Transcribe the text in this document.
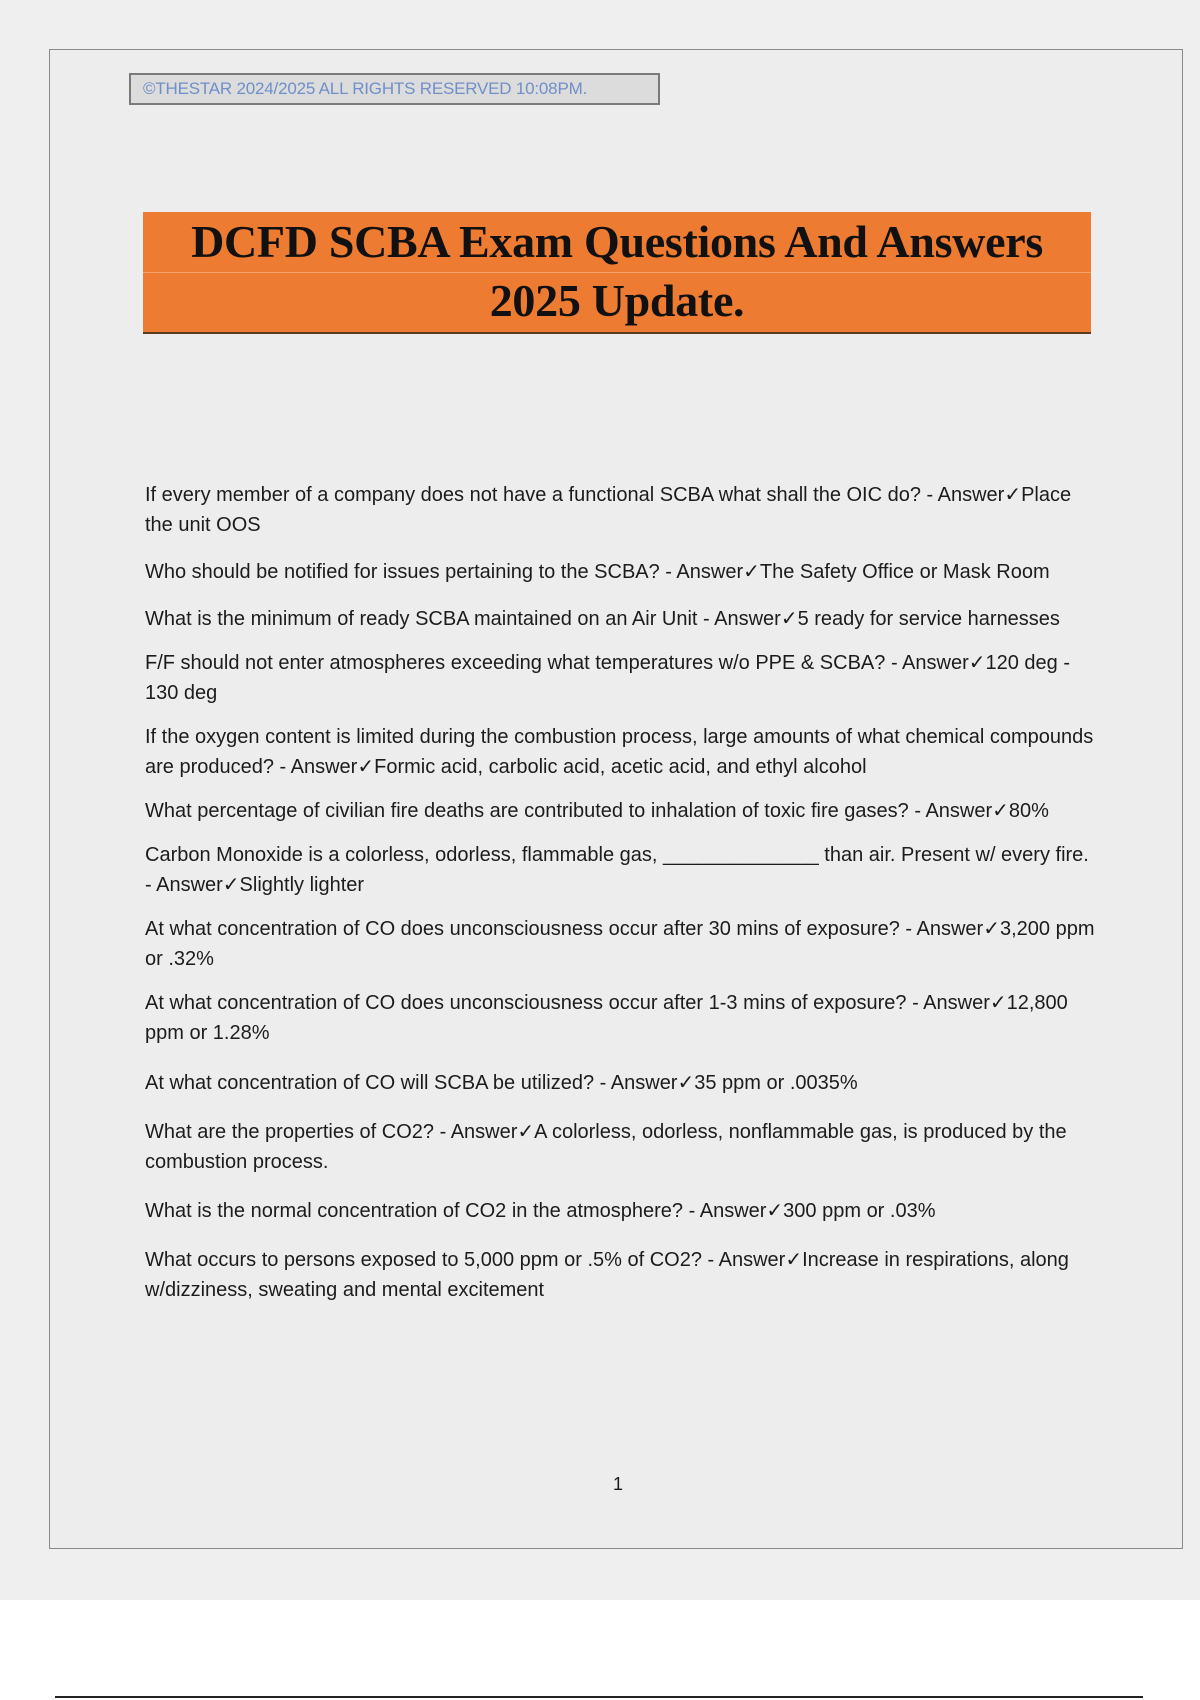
©THESTAR 2024/2025 ALL RIGHTS RESERVED 10:08PM.
DCFD SCBA Exam Questions And Answers
2025 Update.
If every member of a company does not have a functional SCBA what shall the OIC do? - Answer✓Place the unit OOS
Who should be notified for issues pertaining to the SCBA? - Answer✓The Safety Office or Mask Room
What is the minimum of ready SCBA maintained on an Air Unit - Answer✓5 ready for service harnesses
F/F should not enter atmospheres exceeding what temperatures w/o PPE & SCBA? - Answer✓120 deg - 130 deg
If the oxygen content is limited during the combustion process, large amounts of what chemical compounds are produced? - Answer✓Formic acid, carbolic acid, acetic acid, and ethyl alcohol
What percentage of civilian fire deaths are contributed to inhalation of toxic fire gases? - Answer✓80%
Carbon Monoxide is a colorless, odorless, flammable gas, ______________ than air. Present w/ every fire. - Answer✓Slightly lighter
At what concentration of CO does unconsciousness occur after 30 mins of exposure? - Answer✓3,200 ppm or .32%
At what concentration of CO does unconsciousness occur after 1-3 mins of exposure? - Answer✓12,800 ppm or 1.28%
At what concentration of CO will SCBA be utilized? - Answer✓35 ppm or .0035%
What are the properties of CO2? - Answer✓A colorless, odorless, nonflammable gas, is produced by the combustion process.
What is the normal concentration of CO2 in the atmosphere? - Answer✓300 ppm or .03%
What occurs to persons exposed to 5,000 ppm or .5% of CO2? - Answer✓Increase in respirations, along w/dizziness, sweating and mental excitement
1
